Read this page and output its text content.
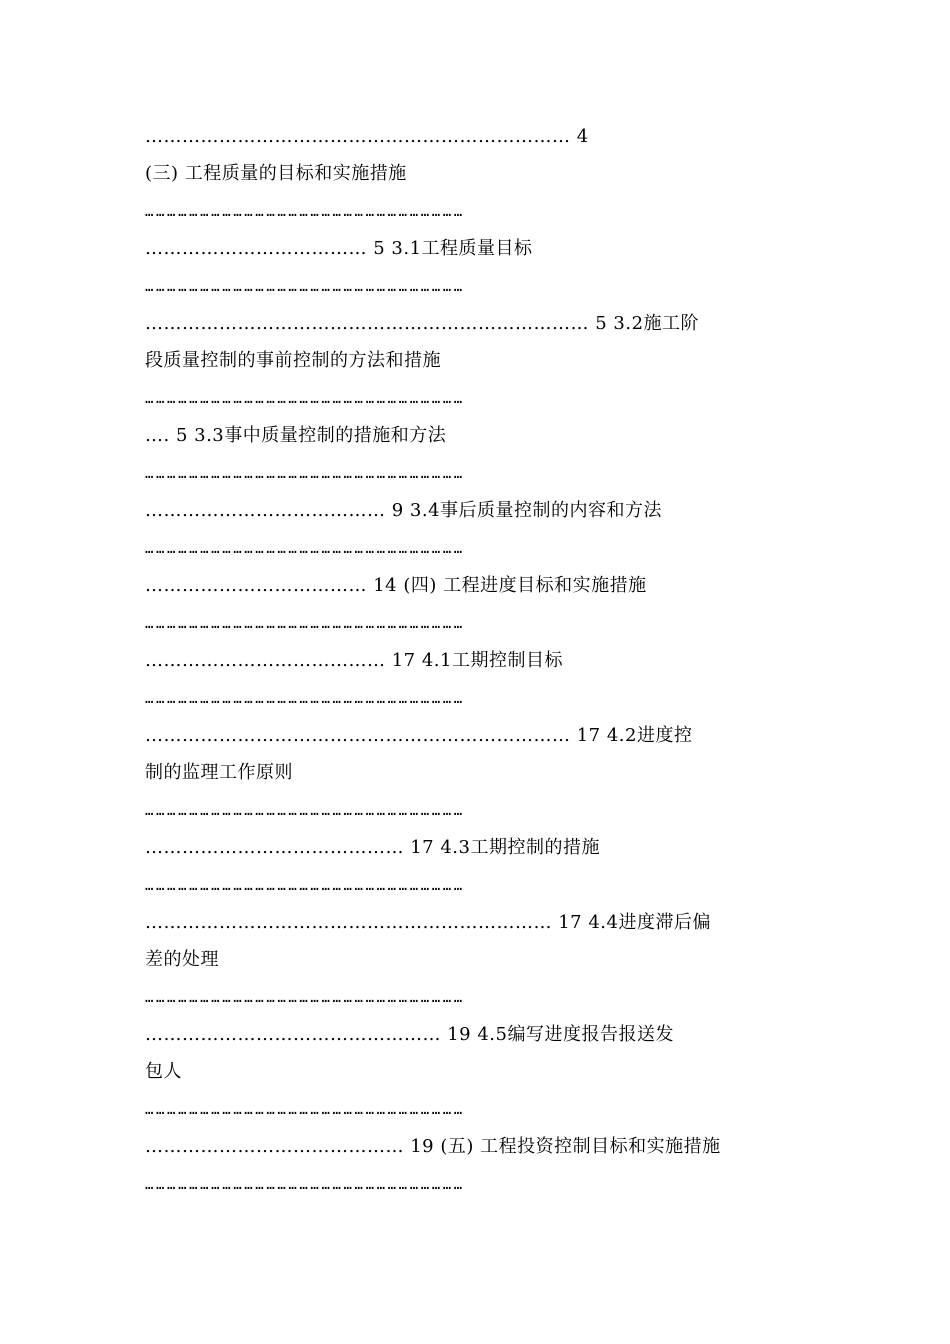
…………………………………………………………… 4
(三) 工程质量的目标和实施措施
……………………………………………………………………………
……………………………… 5 3.1工程质量目标
……………………………………………………………………………
……………………………………………………………… 5 3.2施工阶
段质量控制的事前控制的方法和措施
……………………………………………………………………………
…. 5 3.3事中质量控制的措施和方法
……………………………………………………………………………
………………………………… 9 3.4事后质量控制的内容和方法
……………………………………………………………………………
……………………………… 14 (四) 工程进度目标和实施措施
……………………………………………………………………………
………………………………… 17 4.1工期控制目标
……………………………………………………………………………
…………………………………………………………… 17 4.2进度控
制的监理工作原则
……………………………………………………………………………
…………………………………… 17 4.3工期控制的措施
……………………………………………………………………………
………………………………………………………… 17 4.4进度滞后偏
差的处理
……………………………………………………………………………
………………………………………… 19 4.5编写进度报告报送发
包人
……………………………………………………………………………
…………………………………… 19 (五) 工程投资控制目标和实施措施
……………………………………………………………………………
